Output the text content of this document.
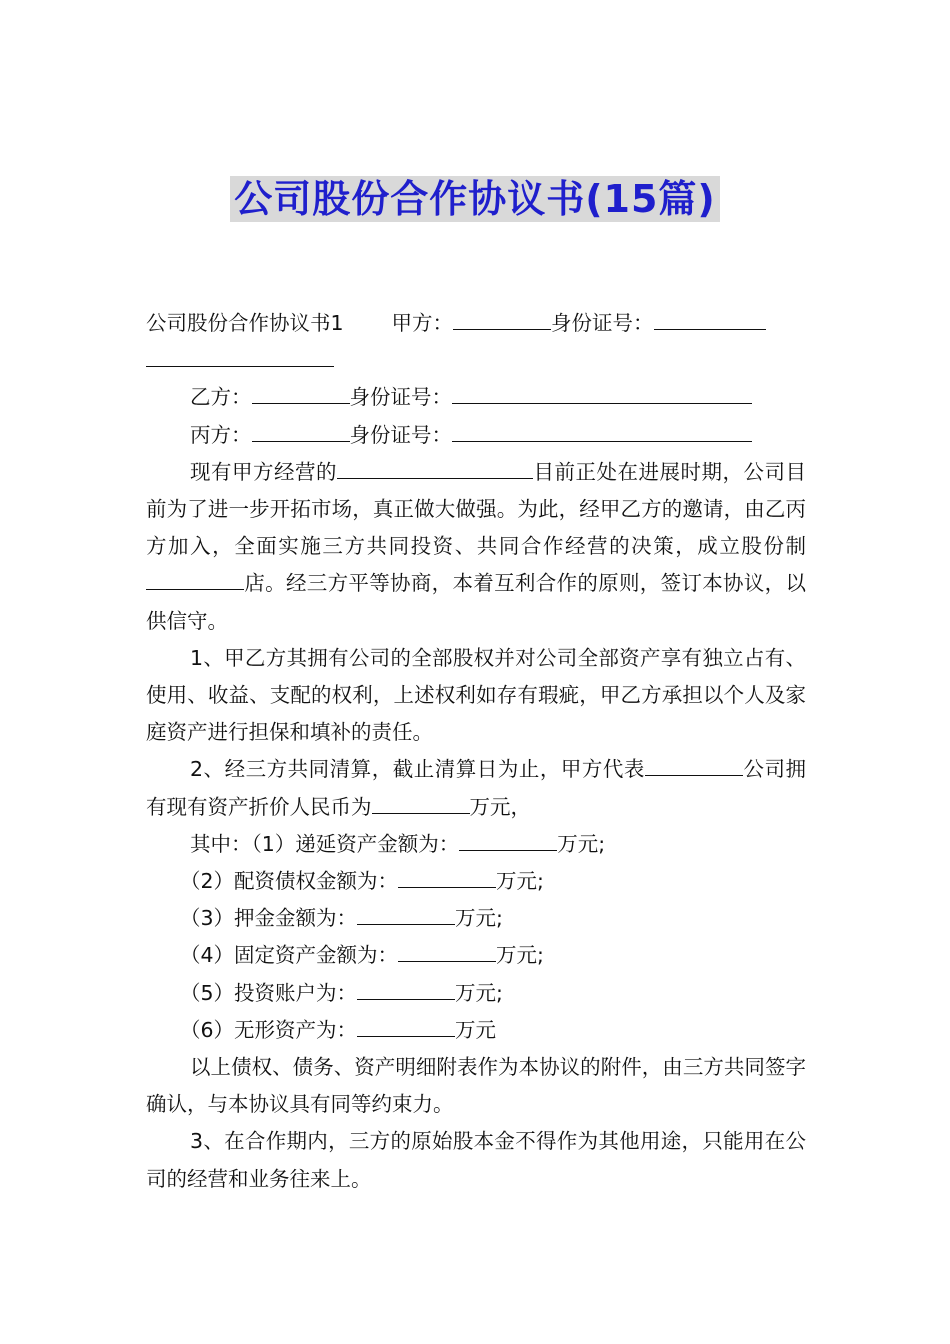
公司股份合作协议书(15篇)

公司股份合作协议书1 甲方：	身份证号：

乙方：	身份证号：

丙方：	身份证号：

现有甲方经营的	目前正处在进展时期，公司目前为了进一步开拓市场，真正做大做强。为此，经甲乙方的邀请，由乙丙方加入，全面实施三方共同投资、共同合作经营的决策，成立股份制店。经三方平等协商，本着互利合作的原则，签订本协议，以供信守。

1、甲乙方其拥有公司的全部股权并对公司全部资产享有独立占有、使用、收益、支配的权利，上述权利如存有瑕疵，甲乙方承担以个人及家庭资产进行担保和填补的责任。

2、经三方共同清算，截止清算日为止，甲方代表	公司拥有现有资产折价人民币为	万元，

其中：（1）递延资产金额为：	万元;

（2）配资债权金额为：	万元;

（3）押金金额为：	万元;

（4）固定资产金额为：	万元;

（5）投资账户为：	万元;

（6）无形资产为：	万元

以上债权、债务、资产明细附表作为本协议的附件，由三方共同签字确认，与本协议具有同等约束力。

3、在合作期内，三方的原始股本金不得作为其他用途，只能用在公司的经营和业务往来上。
